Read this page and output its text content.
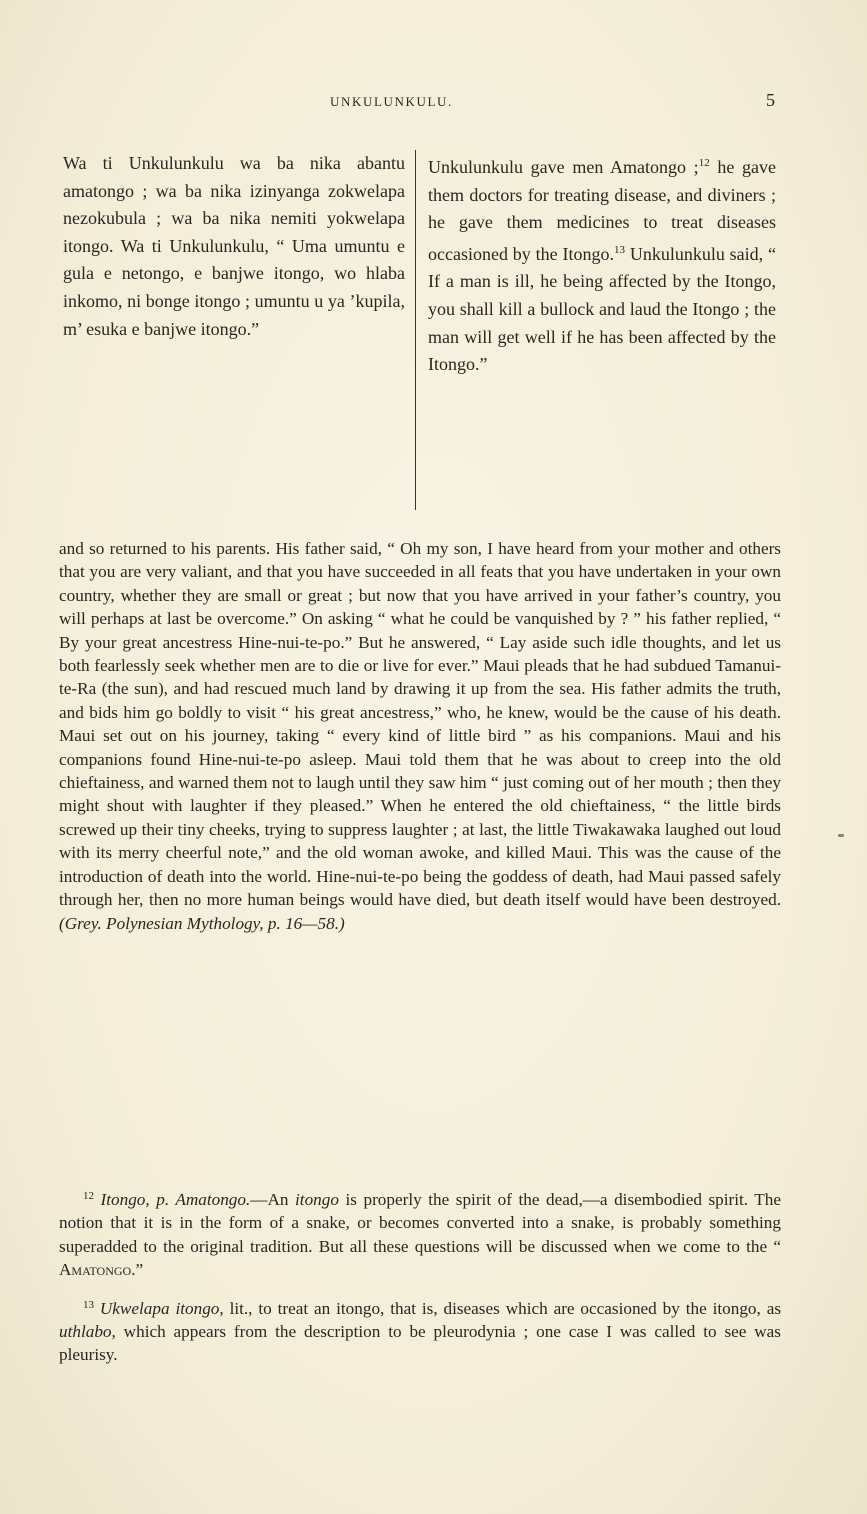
UNKULUNKULU.	5

Wa ti Unkulunkulu wa ba nika abantu amatongo ; wa ba nika izinyanga zokwelapa nezokubula ; wa ba nika nemiti yokwelapa itongo. Wa ti Unkulunkulu, “ Uma umuntu e gula e netongo, e banjwe itongo, wo hlaba inkomo, ni bonge itongo ; umuntu u ya ’kupila, m’ esuka e banjwe itongo.”

Unkulunkulu gave men Amatongo ;$^{12}$ he gave them doctors for treating disease, and diviners ; he gave them medicines to treat diseases occasioned by the Itongo.$^{13}$ Unkulunkulu said, “ If a man is ill, he being affected by the Itongo, you shall kill a bullock and laud the Itongo ; the man will get well if he has been affected by the Itongo.”

and so returned to his parents. His father said, “ Oh my son, I have heard from your mother and others that you are very valiant, and that you have succeeded in all feats that you have undertaken in your own country, whether they are small or great ; but now that you have arrived in your father’s country, you will perhaps at last be overcome.” On asking “ what he could be vanquished by ? ” his father replied, “ By your great ancestress Hine-nui-te-po.” But he answered, “ Lay aside such idle thoughts, and let us both fearlessly seek whether men are to die or live for ever.” Maui pleads that he had subdued Tamanui-te-Ra (the sun), and had rescued much land by drawing it up from the sea. His father admits the truth, and bids him go boldly to visit “ his great ancestress,” who, he knew, would be the cause of his death. Maui set out on his journey, taking “ every kind of little bird ” as his companions. Maui and his companions found Hine-nui-te-po asleep. Maui told them that he was about to creep into the old chieftainess, and warned them not to laugh until they saw him “ just coming out of her mouth ; then they might shout with laughter if they pleased.” When he entered the old chieftainess, “ the little birds screwed up their tiny cheeks, trying to suppress laughter ; at last, the little Tiwakawaka laughed out loud with its merry cheerful note,” and the old woman awoke, and killed Maui. This was the cause of the introduction of death into the world. Hine-nui-te-po being the goddess of death, had Maui passed safely through her, then no more human beings would have died, but death itself would have been destroyed. (Grey. Polynesian Mythology, p. 16—58.)

$^{12}$ Itongo, p. Amatongo.—An itongo is properly the spirit of the dead,—a disembodied spirit. The notion that it is in the form of a snake, or becomes converted into a snake, is probably something superadded to the original tradition. But all these questions will be discussed when we come to the “ Amatongo.”

$^{13}$ Ukwelapa itongo, lit., to treat an itongo, that is, diseases which are occasioned by the itongo, as uthlabo, which appears from the description to be pleurodynia ; one case I was called to see was pleurisy.
